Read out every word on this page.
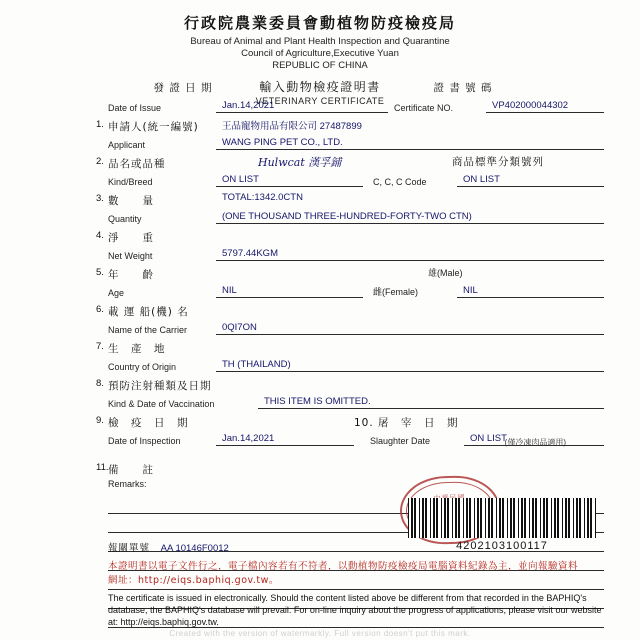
行政院農業委員會動植物防疫檢疫局
Bureau of Animal and Plant Health Inspection and Quarantine
Council of Agriculture,Executive Yuan
REPUBLIC OF CHINA
輸入動物檢疫證明書
VETERINARY CERTIFICATE
發 證 日 期	證 書 號 碼
Date of Issue	Jan.14,2021	Certificate NO.	VP402000044302
1. 申請人(統一編號)
Applicant	WANG PING PET CO., LTD.
王品寵物用品有限公司 27487899
2. 品名或品種
Kind/Breed	ON LIST	C, C, C Code	ON LIST
商品標準分類號列
Hulwcat 漢孚鋪
3. 數　　量
Quantity	(ONE THOUSAND THREE-HUNDRED-FORTY-TWO CTN)
TOTAL:1342.0CTN
4. 淨　　重
Net Weight	5797.44KGM
5. 年　　齡
Age	NIL	雌(Female)	NIL
雄(Male)
6. 載 運 船(機) 名
Name of the Carrier	0QI7ON
7. 生　產　地
Country of Origin	TH (THAILAND)
8. 預防注射種類及日期
Kind & Date of Vaccination	THIS ITEM IS OMITTED.
9. 檢　疫　日　期	10. 屠　宰　日　期
Date of Inspection	Jan.14,2021	Slaughter Date	ON LIST
(僅冷凍肉品適用)
11. 備　　註
Remarks:
4202103100117
報關單號 AA 10146F0012
本證明書以電子文件行之，電子檔內容若有不符者，以動植物防疫檢疫局電腦資料紀錄為主，並向報驗資料
網址：http://eiqs.baphiq.gov.tw。
The certificate is issued in electronically. Should the content listed above be different from that recorded in the BAPHIQ's database, the BAPHIQ's database will prevail. For on-line inquiry about the progress of applications, please visit our website at: http://eiqs.baphiq.gov.tw.
Created with the version of watermarkly. Full version doesn't put this mark.
